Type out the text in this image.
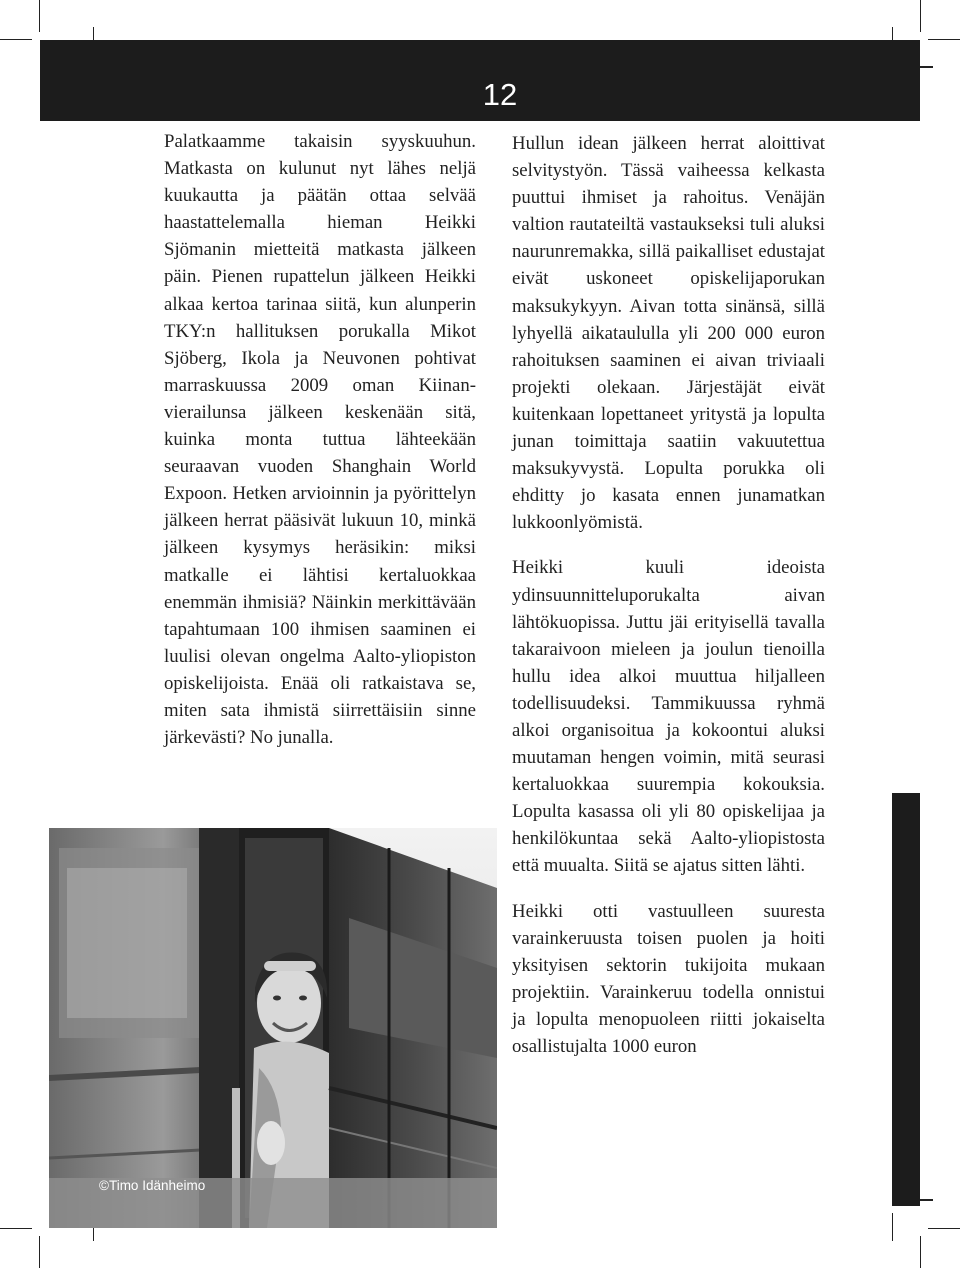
12

Palatkaamme takaisin syyskuuhun. Matkasta on kulunut nyt lähes neljä kuukautta ja päätän ottaa selvää haastattelemalla hieman Heikki Sjömanin mietteitä matkasta jälkeen päin. Pienen rupattelun jälkeen Heikki alkaa kertoa tarinaa siitä, kun alunperin TKY:n hallituksen porukalla Mikot Sjöberg, Ikola ja Neuvonen pohtivat marraskuussa 2009 oman Kiinan-vierailunsa jälkeen keskenään sitä, kuinka monta tuttua lähteekään seuraavan vuoden Shanghain World Expoon. Hetken arvioinnin ja pyörittelyn jälkeen herrat pääsivät lukuun 10, minkä jälkeen kysymys heräsikin: miksi matkalle ei lähtisi kertaluokkaa enemmän ihmisiä? Näinkin merkittävään tapahtumaan 100 ihmisen saaminen ei luulisi olevan ongelma Aalto-yliopiston opiskelijoista. Enää oli ratkaistava se, miten sata ihmistä siirrettäisiin sinne järkevästi? No junalla.

Hullun idean jälkeen herrat aloittivat selvitystyön. Tässä vaiheessa kelkasta puuttui ihmiset ja rahoitus. Venäjän valtion rautateiltä vastaukseksi tuli aluksi naurunremakka, sillä paikalliset edustajat eivät uskoneet opiskelijaporukan maksukykyyn. Aivan totta sinänsä, sillä lyhyellä aikataululla yli 200 000 euron rahoituksen saaminen ei aivan triviaali projekti olekaan. Järjestäjät eivät kuitenkaan lopettaneet yritystä ja lopulta junan toimittaja saatiin vakuutettua maksukyvystä. Lopulta porukka oli ehditty jo kasata ennen junamatkan lukkoonlyömistä.

Heikki kuuli ideoista ydinsuunnitteluporukalta aivan lähtökuopissa. Juttu jäi erityisellä tavalla takaraivoon mieleen ja joulun tienoilla hullu idea alkoi muuttua hiljalleen todellisuudeksi. Tammikuussa ryhmä alkoi organisoitua ja kokoontui aluksi muutaman hengen voimin, mitä seurasi kertaluokkaa suurempia kokouksia. Lopulta kasassa oli yli 80 opiskelijaa ja henkilökuntaa sekä Aalto-yliopistosta että muualta. Siitä se ajatus sitten lähti.

Heikki otti vastuulleen suuresta varainkeruusta toisen puolen ja hoiti yksityisen sektorin tukijoita mukaan projektiin. Varainkeruu todella onnistui ja lopulta menopuoleen riitti jokaiselta osallistujalta 1000 euron

©Timo Idänheimo
